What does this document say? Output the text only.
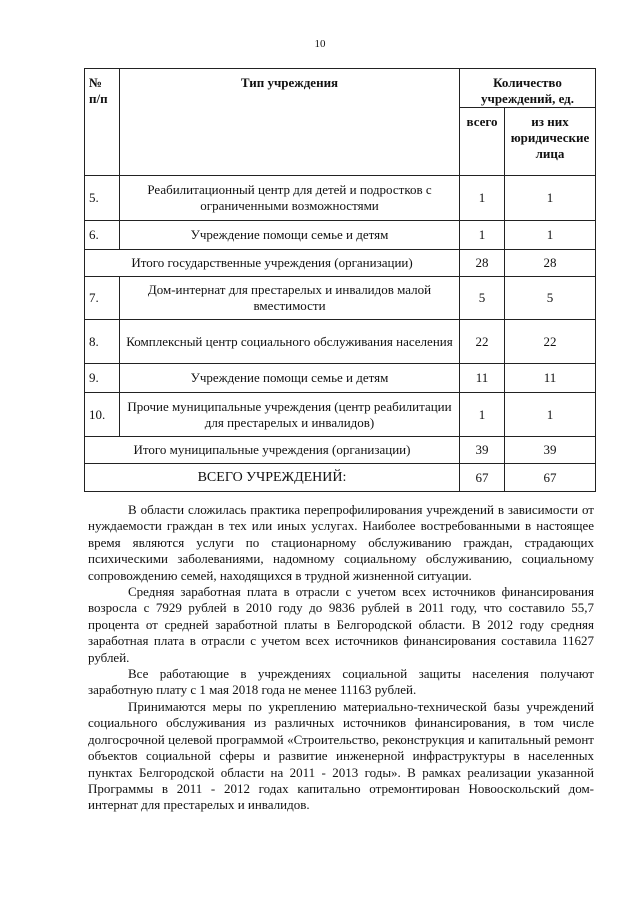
10
№ п/п	Тип учреждения	Количество учреждений, ед.	
		всего	из них юридические лица
5.	Реабилитационный центр для детей и подростков с ограниченными возможностями	1	1
6.	Учреждение помощи семье и детям	1	1
Итого государственные учреждения (организации)		28	28
7.	Дом-интернат для престарелых и инвалидов малой вместимости	5	5
8.	Комплексный центр социального обслуживания населения	22	22
9.	Учреждение помощи семье и детям	11	11
10.	Прочие муниципальные учреждения (центр реабилитации для престарелых и инвалидов)	1	1
Итого муниципальные учреждения (организации)		39	39
ВСЕГО УЧРЕЖДЕНИЙ:		67	67

В области сложилась практика перепрофилирования учреждений в зависимости от нуждаемости граждан в тех или иных услугах. Наиболее востребованными в настоящее время являются услуги по стационарному обслуживанию граждан, страдающих психическими заболеваниями, надомному социальному обслуживанию, социальному сопровождению семей, находящихся в трудной жизненной ситуации.

Средняя заработная плата в отрасли с учетом всех источников финансирования возросла с 7929 рублей в 2010 году до 9836 рублей в 2011 году, что составило 55,7 процента от средней заработной платы в Белгородской области. В 2012 году средняя заработная плата в отрасли с учетом всех источников финансирования составила 11627 рублей.

Все работающие в учреждениях социальной защиты населения получают заработную плату с 1 мая 2018 года не менее 11163 рублей.

Принимаются меры по укреплению материально-технической базы учреждений социального обслуживания из различных источников финансирования, в том числе долгосрочной целевой программой «Строительство, реконструкция и капитальный ремонт объектов социальной сферы и развитие инженерной инфраструктуры в населенных пунктах Белгородской области на 2011 - 2013 годы». В рамках реализации указанной Программы в 2011 - 2012 годах капитально отремонтирован Новооскольский дом-интернат для престарелых и инвалидов.
